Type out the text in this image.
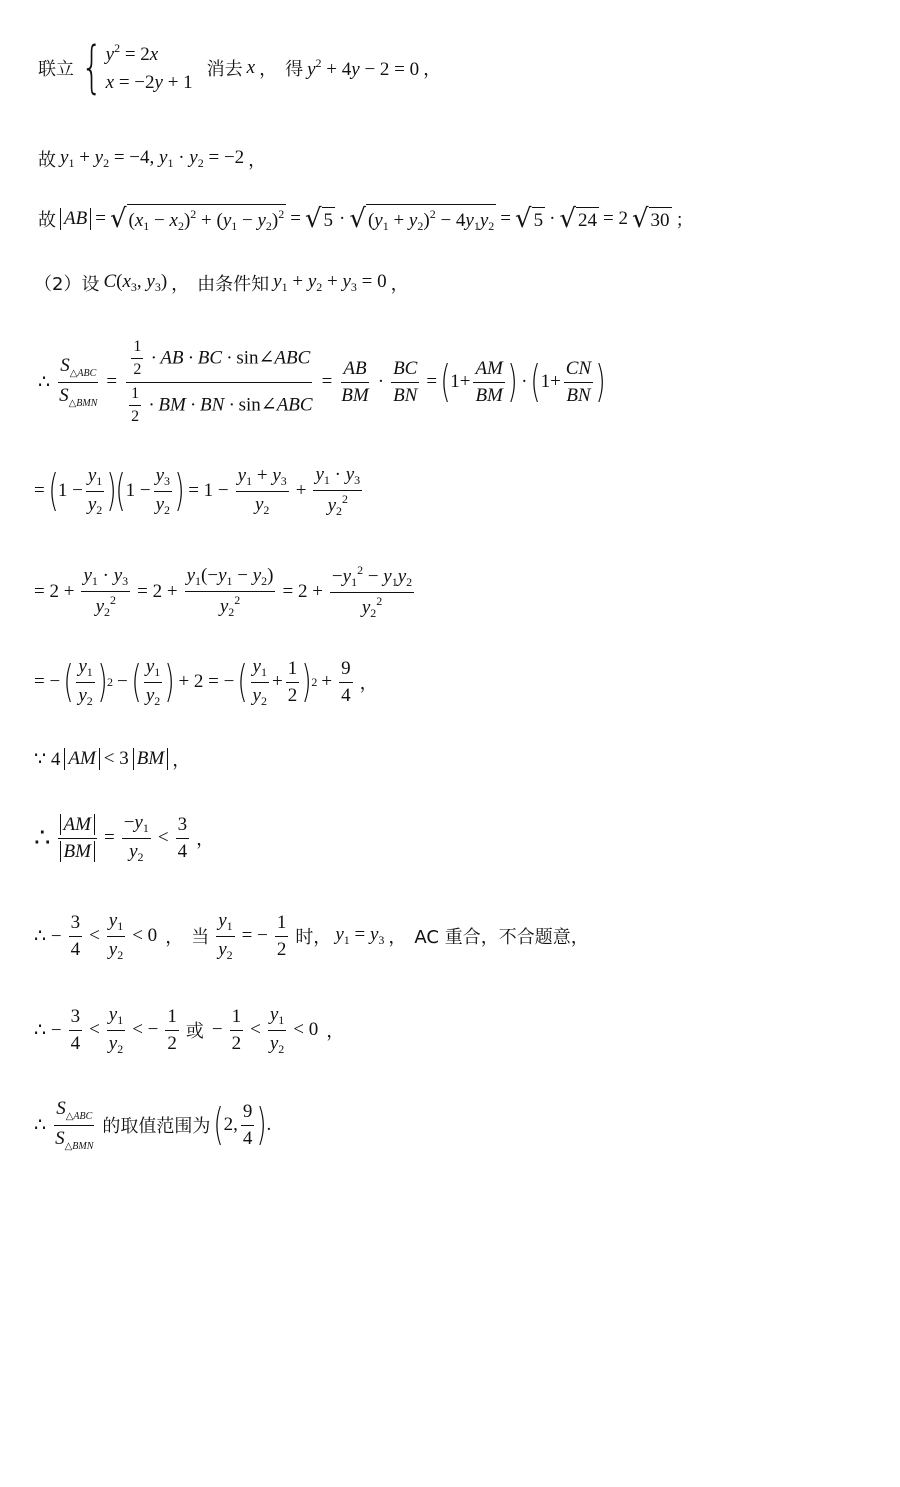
联立 { $y^2 = 2x$
x = −2y + 1
消去 x ， 得 $y^2 + 4y - 2 = 0$ ，
故 $y_1 + y_2 = -4$, $y_1 \cdot y_2 = -2$ ，
故 AB = √ $(x_1 - x_2)^2 + (y_1 - y_2)^2$ = √ 5 · √ $(y_1 + y_2)^2 - 4y_1y_2$ = √ 5 · √ 24 = 2 √ 30 ；
（2）设 $C(x_3$, $y_3$) ， 由条件知 $y_1 + y_2 + y_3 = 0$ ，
∴ $\frac{S_{\triangle ABC}}{S_{\triangle BMN}} = \frac{\frac{1}{2} \cdot AB \cdot BC \cdot \sin\angle ABC}{\frac{1}{2} \cdot BM \cdot BN \cdot \sin\angle ABC} = \frac{AB}{BM} \cdot \frac{BC}{BN}$ = ( $1+ \frac{AM}{BM}$ ) · ( $1+ \frac{CN}{BN}$ )
= ( $1 - \frac{y_1}{y_2}$ )
( $1 - \frac{y_3}{y_2}$ ) = $1 - \frac{y_1 + y_3}{y_2} + \frac{y_1 \cdot y_3}{y_2^2}$
= $2 + \frac{y_1 \cdot y_3}{y_2^2} = 2 + \frac{y_1(-y_1 - y_2)}{y_2^2} = 2 + \frac{-y_1^2 - y_1y_2}{y_2^2}$
= − ( $\frac{y_1}{y_2}$ ) 2 − ( $\frac{y_1}{y_2}$ ) + 2 = − ( $\frac{y_1}{y_2} + \frac{1}{2}$ ) $2 + \frac{9}{4}$ ，
∵ 4 AM < 3 BM ，
∴ $\frac{AM}{BM} = \frac{-y_1}{y_2} < \frac{3}{4}$ ，
∴ − $\frac{3}{4} < \frac{y_1}{y_2} < 0$ ， 当 $\frac{y_1}{y_2}$ = − $\frac{1}{2}$ 时， $y_1 = y_3$ ， AC 重合，不合题意，
∴ − $\frac{3}{4} < \frac{y_1}{y_2}$ < − $\frac{1}{2}$ 或 − $\frac{1}{2} < \frac{y_1}{y_2} < 0$ ，
∴ $\frac{S_{\triangle ABC}}{S_{\triangle BMN}}$ 的取值范围为 ( 2, $\frac{9}{4}$ ) .
